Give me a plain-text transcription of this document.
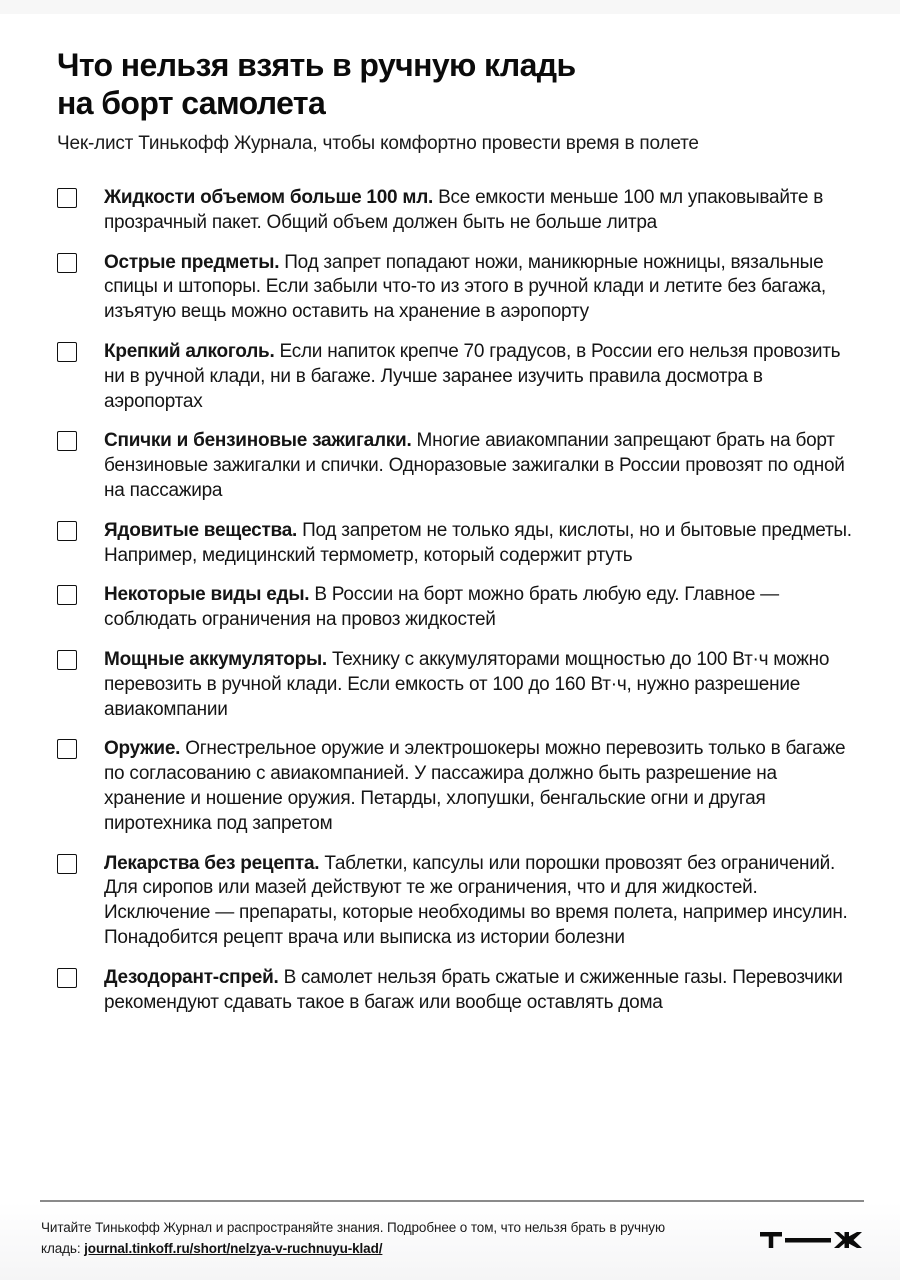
Что нельзя взять в ручную кладь
на борт самолета
Чек-лист Тинькофф Журнала, чтобы комфортно провести время в полете
Жидкости объемом больше 100 мл. Все емкости меньше 100 мл упаковывайте в прозрачный пакет. Общий объем должен быть не больше литра
Острые предметы. Под запрет попадают ножи, маникюрные ножницы, вязальные спицы и штопоры. Если забыли что-то из этого в ручной клади и летите без багажа, изъятую вещь можно оставить на хранение в аэропорту
Крепкий алкоголь. Если напиток крепче 70 градусов, в России его нельзя провозить ни в ручной клади, ни в багаже. Лучше заранее изучить правила досмотра в аэропортах
Спички и бензиновые зажигалки. Многие авиакомпании запрещают брать на борт бензиновые зажигалки и спички. Одноразовые зажигалки в России провозят по одной на пассажира
Ядовитые вещества. Под запретом не только яды, кислоты, но и бытовые предметы. Например, медицинский термометр, который содержит ртуть
Некоторые виды еды. В России на борт можно брать любую еду. Главное — соблюдать ограничения на провоз жидкостей
Мощные аккумуляторы. Технику с аккумуляторами мощностью до 100 Вт·ч можно перевозить в ручной клади. Если емкость от 100 до 160 Вт·ч, нужно разрешение авиакомпании
Оружие. Огнестрельное оружие и электрошокеры можно перевозить только в багаже по согласованию с авиакомпанией. У пассажира должно быть разрешение на хранение и ношение оружия. Петарды, хлопушки, бенгальские огни и другая пиротехника под запретом
Лекарства без рецепта. Таблетки, капсулы или порошки провозят без ограничений. Для сиропов или мазей действуют те же ограничения, что и для жидкостей. Исключение — препараты, которые необходимы во время полета, например инсулин. Понадобится рецепт врача или выписка из истории болезни
Дезодорант-спрей. В самолет нельзя брать сжатые и сжиженные газы. Перевозчики рекомендуют сдавать такое в багаж или вообще оставлять дома
Читайте Тинькофф Журнал и распространяйте знания. Подробнее о том, что нельзя брать в ручную кладь: journal.tinkoff.ru/short/nelzya-v-ruchnuyu-klad/
